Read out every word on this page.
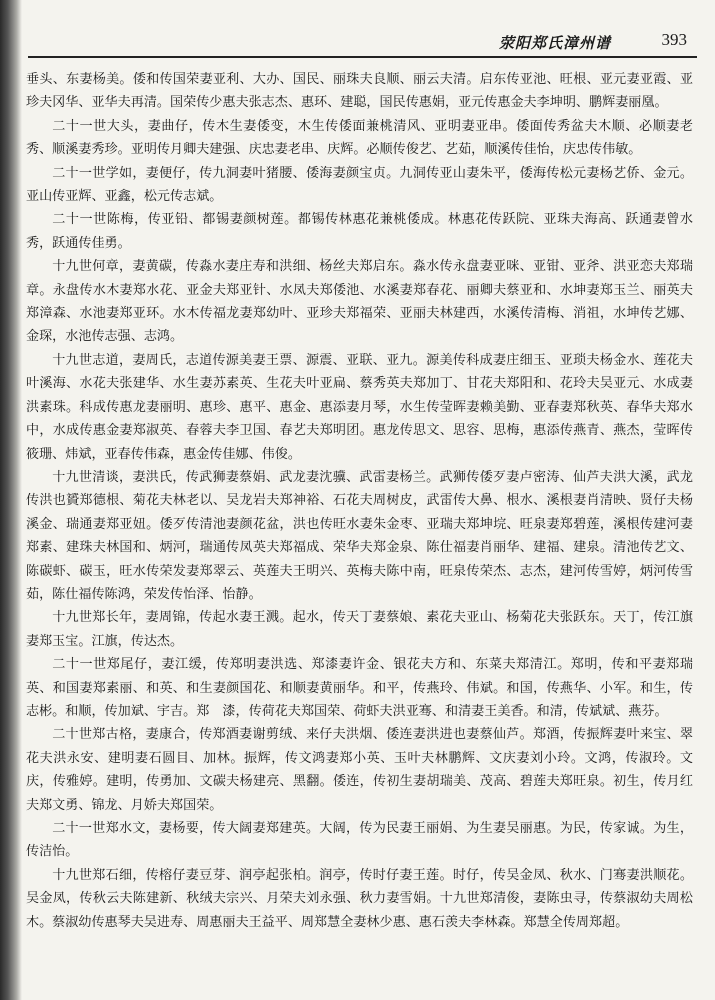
荥阳郑氏漳州谱	393

垂头、东妻杨美。倭和传国荣妻亚利、大办、国民、丽珠夫良顺、丽云夫清。启东传亚池、旺根、亚元妻亚霞、亚珍夫冈华、亚华夫再清。国荣传少惠夫张志杰、惠环、建聪，国民传惠娟，亚元传惠金夫李坤明、鹏辉妻丽凰。

二十一世大头，妻曲仔，传木生妻倭变，木生传倭面兼桃清风、亚明妻亚串。倭面传秀盆夫木顺、必顺妻老秀、顺溪妻秀珍。亚明传月卿夫建强、庆忠妻老串、庆辉。必顺传俊艺、艺茹，顺溪传佳怡，庆忠传伟敏。

二十一世学如，妻便仔，传九洞妻叶猪腰、倭海妻颜宝贞。九洞传亚山妻朱平，倭海传松元妻杨艺侨、金元。亚山传亚辉、亚鑫，松元传志斌。

二十一世陈梅，传亚铅、都锡妻颜树莲。都锡传林惠花兼桃倭成。林惠花传跃院、亚珠夫海高、跃通妻曾水秀，跃通传佳勇。

十九世何章，妻黄碳，传淼水妻庄寿和洪细、杨丝夫郑启东。淼水传永盘妻亚咪、亚钳、亚斧、洪亚恋夫郑瑞章。永盘传水木妻郑水花、亚金夫郑亚针、水凤夫郑倭池、水溪妻郑春花、丽卿夫蔡亚和、水坤妻郑玉兰、丽英夫郑漳森、水池妻郑亚环。水木传福龙妻郑幼叶、亚珍夫郑福荣、亚丽夫林建西，水溪传清梅、消祖，水坤传艺娜、金琛，水池传志强、志鸿。

十九世志道，妻周氏，志道传源美妻王票、源震、亚联、亚九。源美传科成妻庄细玉、亚琐夫杨金水、莲花夫叶溪海、水花夫张建华、水生妻苏素英、生花夫叶亚扁、蔡秀英夫郑加丁、甘花夫郑阳和、花玲夫吴亚元、水成妻洪素珠。科成传惠龙妻丽明、惠珍、惠平、惠金、惠添妻月琴，水生传莹晖妻赖美勤、亚春妻郑秋英、春华夫郑水中，水成传惠金妻郑淑英、春蓉夫李卫国、春艺夫郑明团。惠龙传思文、思容、思梅，惠添传燕青、燕杰，莹晖传筱珊、炜斌，亚春传伟森，惠金传佳娜、伟俊。

十九世清谈，妻洪氏，传武狮妻蔡娟、武龙妻沈骥、武雷妻杨兰。武狮传倭歹妻卢密涛、仙芦夫洪大溪，武龙传洪也贇郑德根、菊花夫林老以、吴龙岩夫郑神裕、石花夫周树皮，武雷传大鼻、根水、溪根妻肖清映、贤仔夫杨溪金、瑞通妻郑亚妞。倭歹传清池妻颜花盆，洪也传旺水妻朱金枣、亚瑞夫郑坤垸、旺泉妻郑碧莲，溪根传建河妻郑素、建珠夫林国和、炳河，瑞通传凤英夫郑福成、荣华夫郑金泉、陈仕福妻肖丽华、建福、建泉。清池传艺文、陈碳虾、碳玉，旺水传荣发妻郑翠云、英莲夫王明兴、英梅夫陈中南，旺泉传荣杰、志杰，建河传雪婷，炳河传雪茹，陈仕福传陈鸿，荣发传怡泽、怡静。

十九世郑长年，妻周锦，传起水妻王溅。起水，传天丁妻蔡娘、素花夫亚山、杨菊花夫张跃东。天丁，传江旗妻郑玉宝。江旗，传达杰。

二十一世郑尾仔，妻江缓，传郑明妻洪选、郑漆妻许金、银花夫方和、东菜夫郑清江。郑明，传和平妻郑瑞英、和国妻郑素丽、和英、和生妻颜国花、和顺妻黄丽华。和平，传燕玲、伟斌。和国，传燕华、小军。和生，传志彬。和顺，传加斌、宇吉。郑　漆，传荷花夫郑国荣、荷虾夫洪亚骞、和清妻王美香。和清，传斌斌、燕芬。

二十世郑古格，妻康合，传郑酒妻谢剪绒、来仔夫洪烟、倭连妻洪进也妻蔡仙芦。郑酒，传振辉妻叶来宝、翠花夫洪永安、建明妻石圆目、加林。振辉，传文鸿妻郑小英、玉叶夫林鹏辉、文庆妻刘小玲。文鸿，传淑玲。文庆，传雅婷。建明，传勇加、文碳夫杨建亮、黑翻。倭连，传初生妻胡瑞美、茂高、碧莲夫郑旺泉。初生，传月红夫郑文勇、锦龙、月娇夫郑国荣。

二十一世郑水文，妻杨要，传大阔妻郑建英。大阔，传为民妻王丽娟、为生妻吴丽惠。为民，传家诚。为生，传洁怡。

十九世郑石细，传榕仔妻豆芽、润亭起张柏。润亭，传时仔妻王莲。时仔，传吴金凤、秋水、门骞妻洪顺花。吴金凤，传秋云夫陈建新、秋绒夫宗兴、月荣夫刘永强、秋力妻雪娟。十九世郑清俊，妻陈虫寻，传蔡淑幼夫周松木。蔡淑幼传惠琴夫吴进寿、周惠丽夫王益平、周郑慧全妻林少惠、惠石羡夫李林森。郑慧全传周郑超。
